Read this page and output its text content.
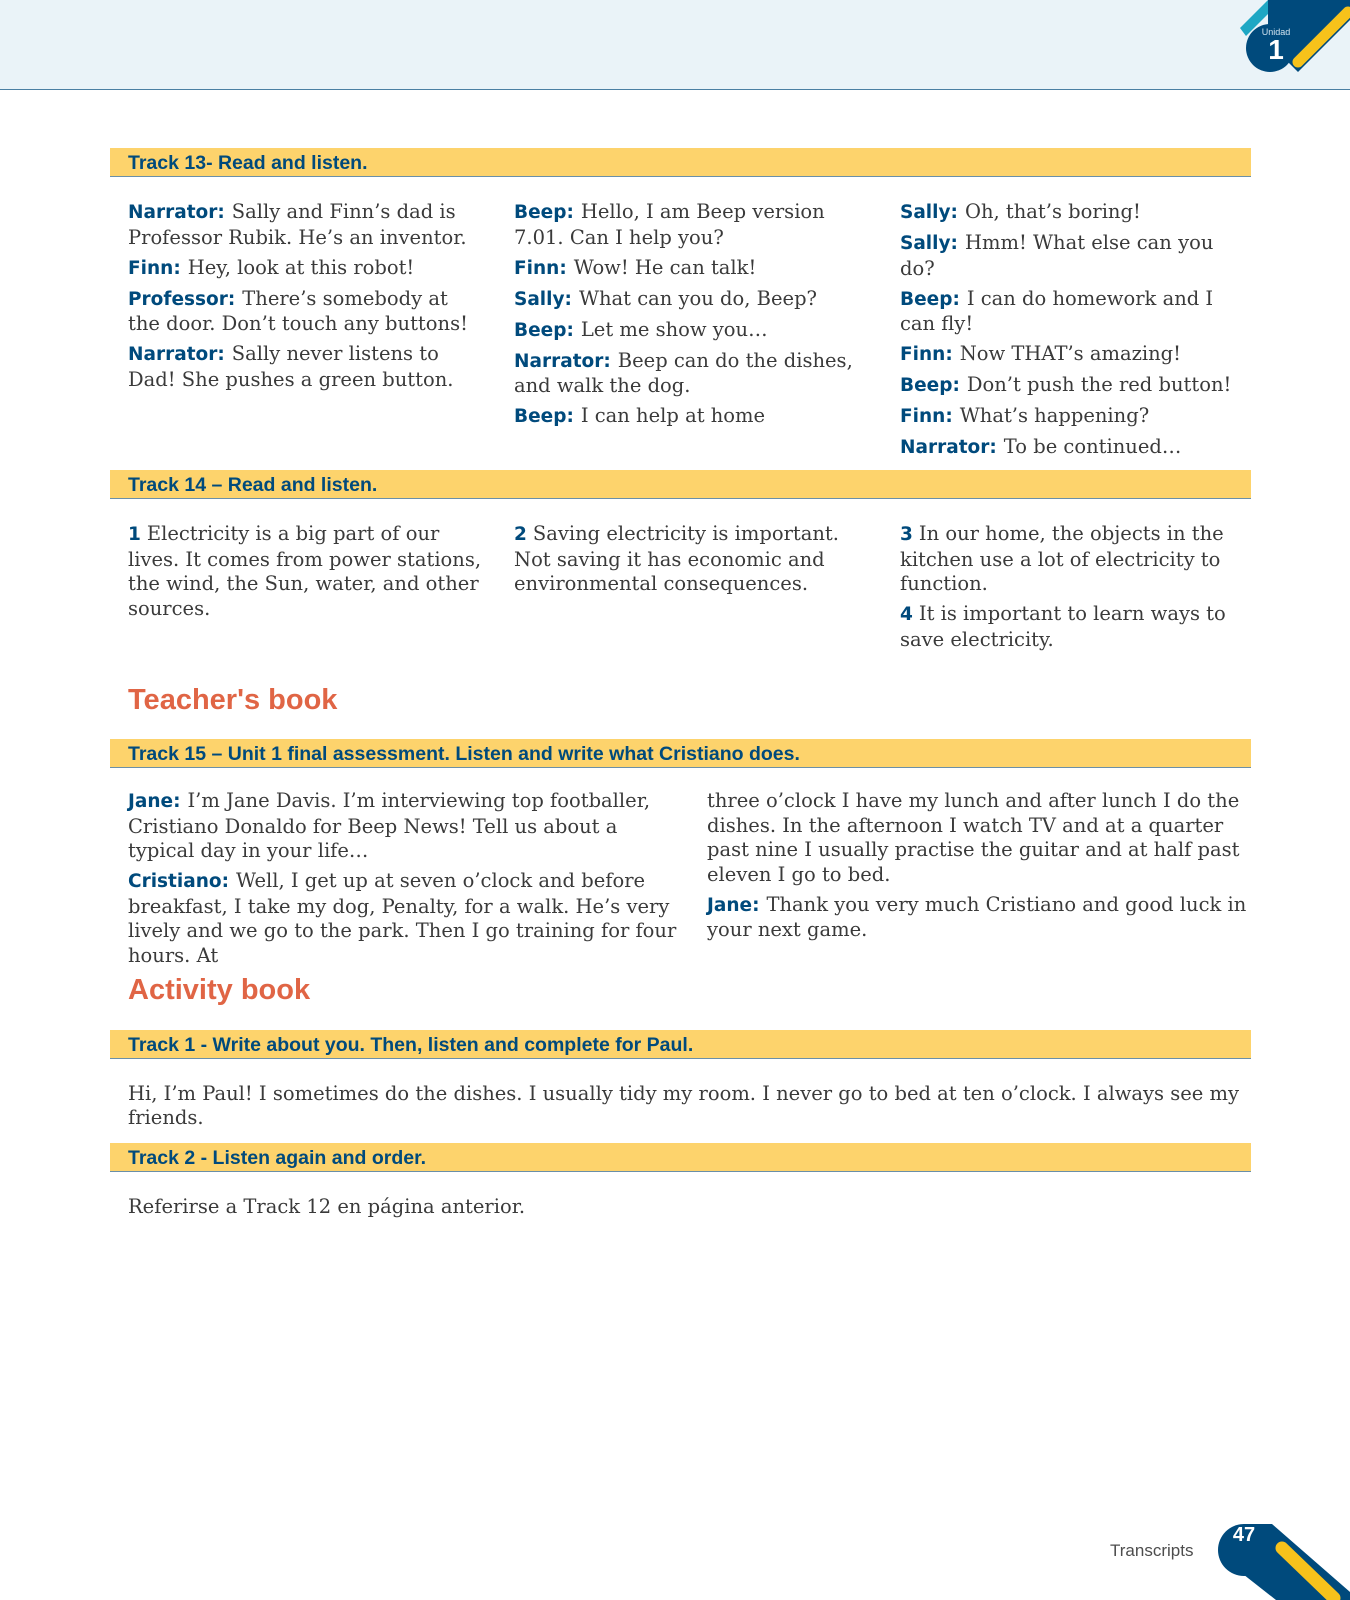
Unidad
1
Track 13- Read and listen.

Narrator: Sally and Finn’s dad is Professor Rubik. He’s an inventor.

Finn: Hey, look at this robot!

Professor: There’s somebody at the door. Don’t touch any buttons!

Narrator: Sally never listens to Dad! She pushes a green button.

Beep: Hello, I am Beep version 7.01. Can I help you?

Finn: Wow! He can talk!

Sally: What can you do, Beep?

Beep: Let me show you…

Narrator: Beep can do the dishes, and walk the dog.

Beep: I can help at home

Sally: Oh, that’s boring!

Sally: Hmm! What else can you do?

Beep: I can do homework and I can fly!

Finn: Now THAT’s amazing!

Beep: Don’t push the red button!

Finn: What’s happening?

Narrator: To be continued…

Track 14 – Read and listen.

1 Electricity is a big part of our lives. It comes from power stations, the wind, the Sun, water, and other sources.

2 Saving electricity is important. Not saving it has economic and environmental consequences.

3 In our home, the objects in the kitchen use a lot of electricity to function.

4 It is important to learn ways to save electricity.

Teacher's book
Track 15 – Unit 1 final assessment. Listen and write what Cristiano does.

Jane: I’m Jane Davis. I’m interviewing top footballer, Cristiano Donaldo for Beep News! Tell us about a typical day in your life…

Cristiano: Well, I get up at seven o’clock and before breakfast, I take my dog, Penalty, for a walk. He’s very lively and we go to the park. Then I go training for four hours. At

three o’clock I have my lunch and after lunch I do the dishes. In the afternoon I watch TV and at a quarter past nine I usually practise the guitar and at half past eleven I go to bed.

Jane: Thank you very much Cristiano and good luck in your next game.

Activity book
Track 1 - Write about you. Then, listen and complete for Paul.
Hi, I’m Paul! I sometimes do the dishes. I usually tidy my room. I never go to bed at ten o’clock. I always see my friends.
Track 2 - Listen again and order.
Referirse a Track 12 en página anterior.
Transcripts
47
